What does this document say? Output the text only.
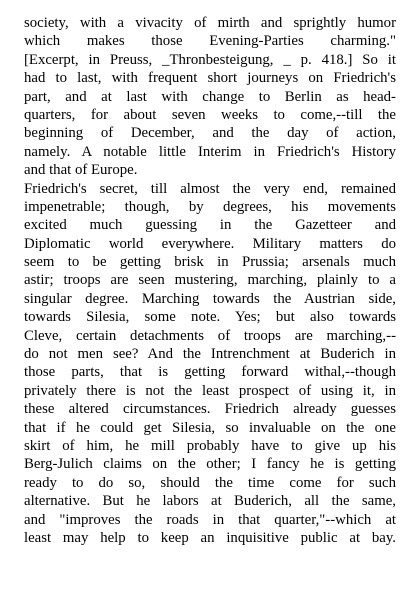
society, with a vivacity of mirth and sprightly humor
which makes those Evening-Parties charming."
[Excerpt, in Preuss, _Thronbesteigung, _ p. 418.] So it
had to last, with frequent short journeys on Friedrich's
part, and at last with change to Berlin as head-
quarters, for about seven weeks to come,--till the
beginning of December, and the day of action,
namely. A notable little Interim in Friedrich's History
and that of Europe.
Friedrich's secret, till almost the very end, remained
impenetrable; though, by degrees, his movements
excited much guessing in the Gazetteer and
Diplomatic world everywhere. Military matters do
seem to be getting brisk in Prussia; arsenals much
astir; troops are seen mustering, marching, plainly to a
singular degree. Marching towards the Austrian side,
towards Silesia, some note. Yes; but also towards
Cleve, certain detachments of troops are marching,--
do not men see? And the Intrenchment at Buderich in
those parts, that is getting forward withal,--though
privately there is not the least prospect of using it, in
these altered circumstances. Friedrich already guesses
that if he could get Silesia, so invaluable on the one
skirt of him, he mill probably have to give up his
Berg-Julich claims on the other; I fancy he is getting
ready to do so, should the time come for such
alternative. But he labors at Buderich, all the same,
and "improves the roads in that quarter,"--which at
least may help to keep an inquisitive public at bay.
